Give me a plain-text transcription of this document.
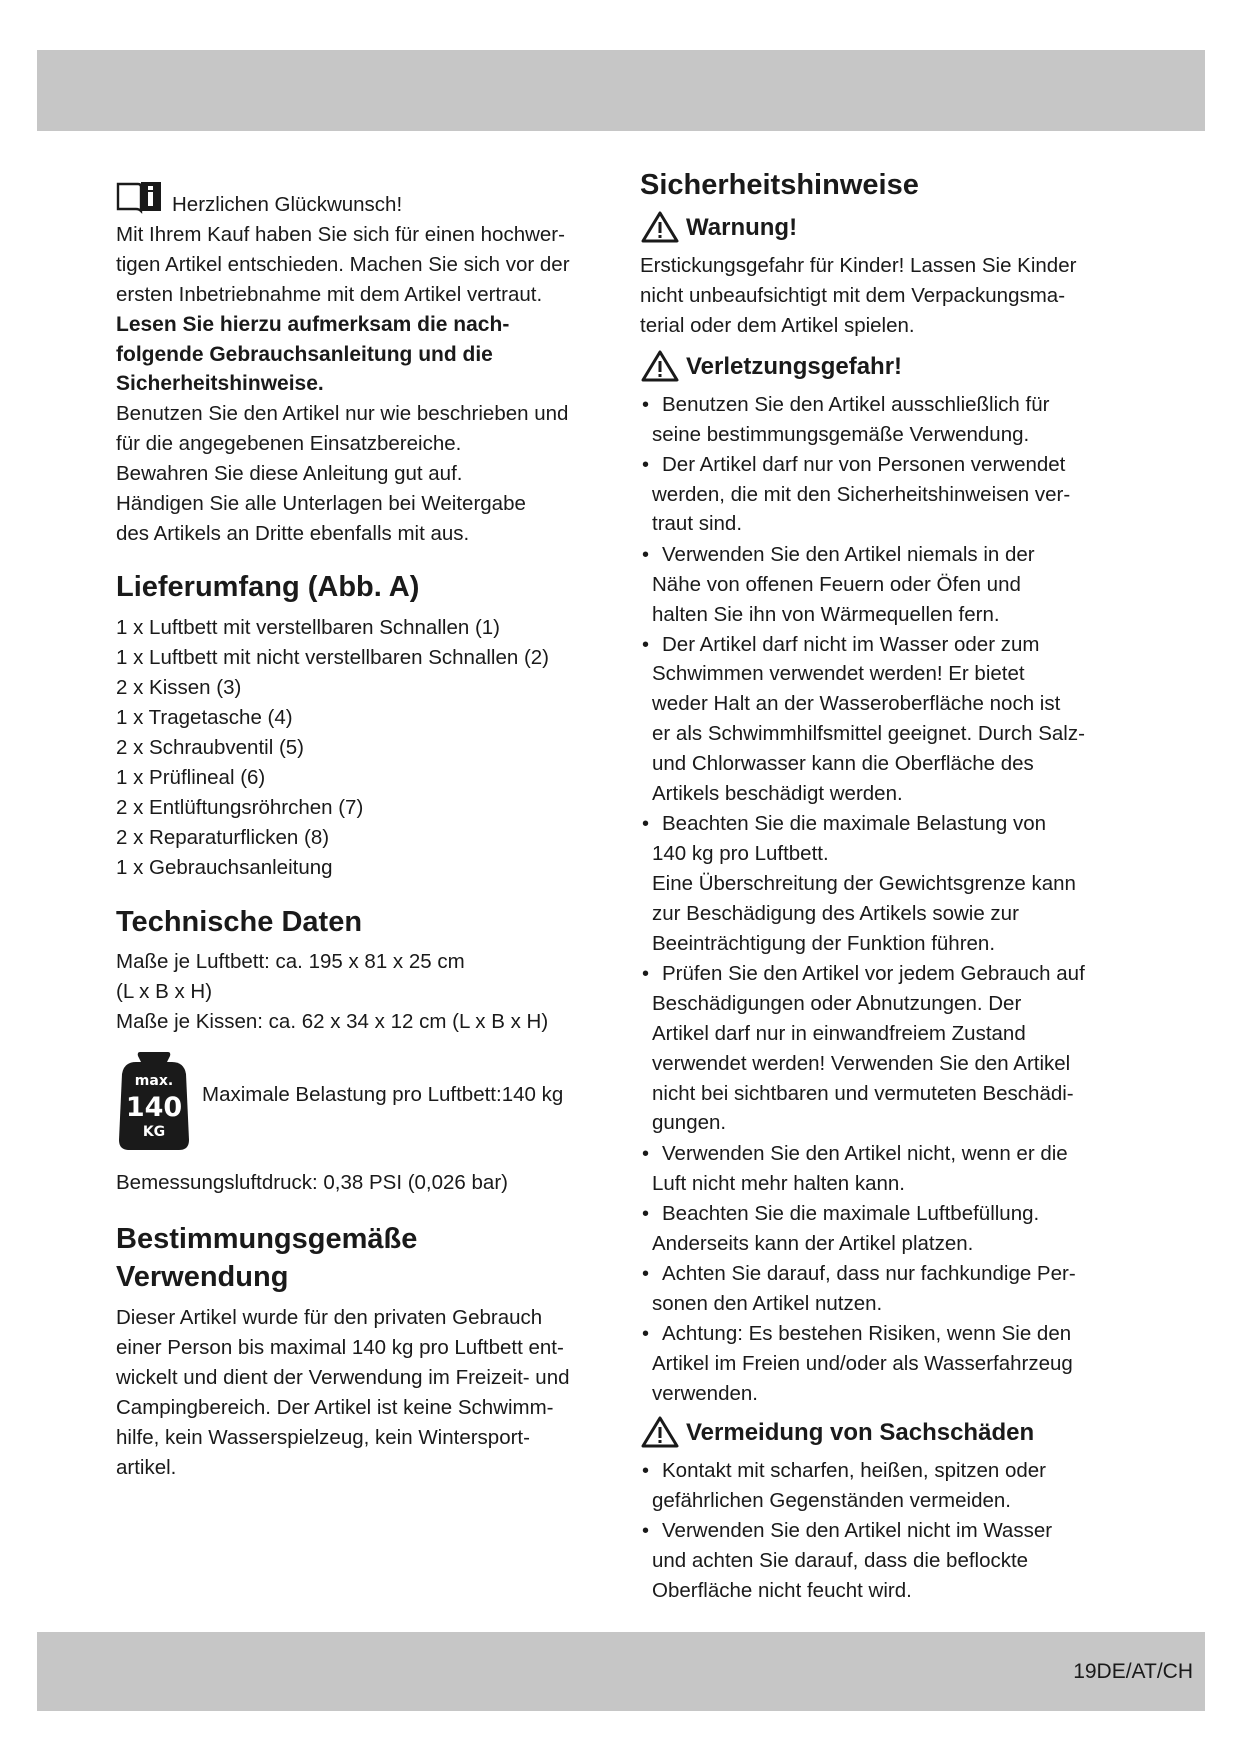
Herzlichen Glückwunsch!
Mit Ihrem Kauf haben Sie sich für einen hochwer-
tigen Artikel entschieden. Machen Sie sich vor der
ersten Inbetriebnahme mit dem Artikel vertraut.
Lesen Sie hierzu aufmerksam die nach-
folgende Gebrauchsanleitung und die
Sicherheitshinweise.
Benutzen Sie den Artikel nur wie beschrieben und
für die angegebenen Einsatzbereiche.
Bewahren Sie diese Anleitung gut auf.
Händigen Sie alle Unterlagen bei Weitergabe
des Artikels an Dritte ebenfalls mit aus.
Lieferumfang (Abb. A)
1 x Luftbett mit verstellbaren Schnallen (1)
1 x Luftbett mit nicht verstellbaren Schnallen (2)
2 x Kissen (3)
1 x Tragetasche (4)
2 x Schraubventil (5)
1 x Prüflineal (6)
2 x Entlüftungsröhrchen (7)
2 x Reparaturflicken (8)
1 x Gebrauchsanleitung
Technische Daten
Maße je Luftbett: ca. 195 x 81 x 25 cm
(L x B x H)
Maße je Kissen: ca. 62 x 34 x 12 cm (L x B x H)
max.
140
KG
Maximale Belastung pro Luftbett:140 kg
Bemessungsluftdruck: 0,38 PSI (0,026 bar)
Bestimmungsgemäße
Verwendung
Dieser Artikel wurde für den privaten Gebrauch
einer Person bis maximal 140 kg pro Luftbett ent-
wickelt und dient der Verwendung im Freizeit- und
Campingbereich. Der Artikel ist keine Schwimm-
hilfe, kein Wasserspielzeug, kein Wintersport-
artikel.
Sicherheitshinweise
Warnung!
Erstickungsgefahr für Kinder! Lassen Sie Kinder
nicht unbeaufsichtigt mit dem Verpackungsma-
terial oder dem Artikel spielen.
Verletzungsgefahr!
• Benutzen Sie den Artikel ausschließlich für
seine bestimmungsgemäße Verwendung.
• Der Artikel darf nur von Personen verwendet
werden, die mit den Sicherheitshinweisen ver-
traut sind.
• Verwenden Sie den Artikel niemals in der
Nähe von offenen Feuern oder Öfen und
halten Sie ihn von Wärmequellen fern.
• Der Artikel darf nicht im Wasser oder zum
Schwimmen verwendet werden! Er bietet
weder Halt an der Wasseroberfläche noch ist
er als Schwimmhilfsmittel geeignet. Durch Salz-
und Chlorwasser kann die Oberfläche des
Artikels beschädigt werden.
• Beachten Sie die maximale Belastung von
140 kg pro Luftbett.
Eine Überschreitung der Gewichtsgrenze kann
zur Beschädigung des Artikels sowie zur
Beeinträchtigung der Funktion führen.
• Prüfen Sie den Artikel vor jedem Gebrauch auf
Beschädigungen oder Abnutzungen. Der
Artikel darf nur in einwandfreiem Zustand
verwendet werden! Verwenden Sie den Artikel
nicht bei sichtbaren und vermuteten Beschädi-
gungen.
• Verwenden Sie den Artikel nicht, wenn er die
Luft nicht mehr halten kann.
• Beachten Sie die maximale Luftbefüllung.
Anderseits kann der Artikel platzen.
• Achten Sie darauf, dass nur fachkundige Per-
sonen den Artikel nutzen.
• Achtung: Es bestehen Risiken, wenn Sie den
Artikel im Freien und/oder als Wasserfahrzeug
verwenden.
Vermeidung von Sachschäden
• Kontakt mit scharfen, heißen, spitzen oder
gefährlichen Gegenständen vermeiden.
• Verwenden Sie den Artikel nicht im Wasser
und achten Sie darauf, dass die beflockte
Oberfläche nicht feucht wird.
19DE/AT/CH
